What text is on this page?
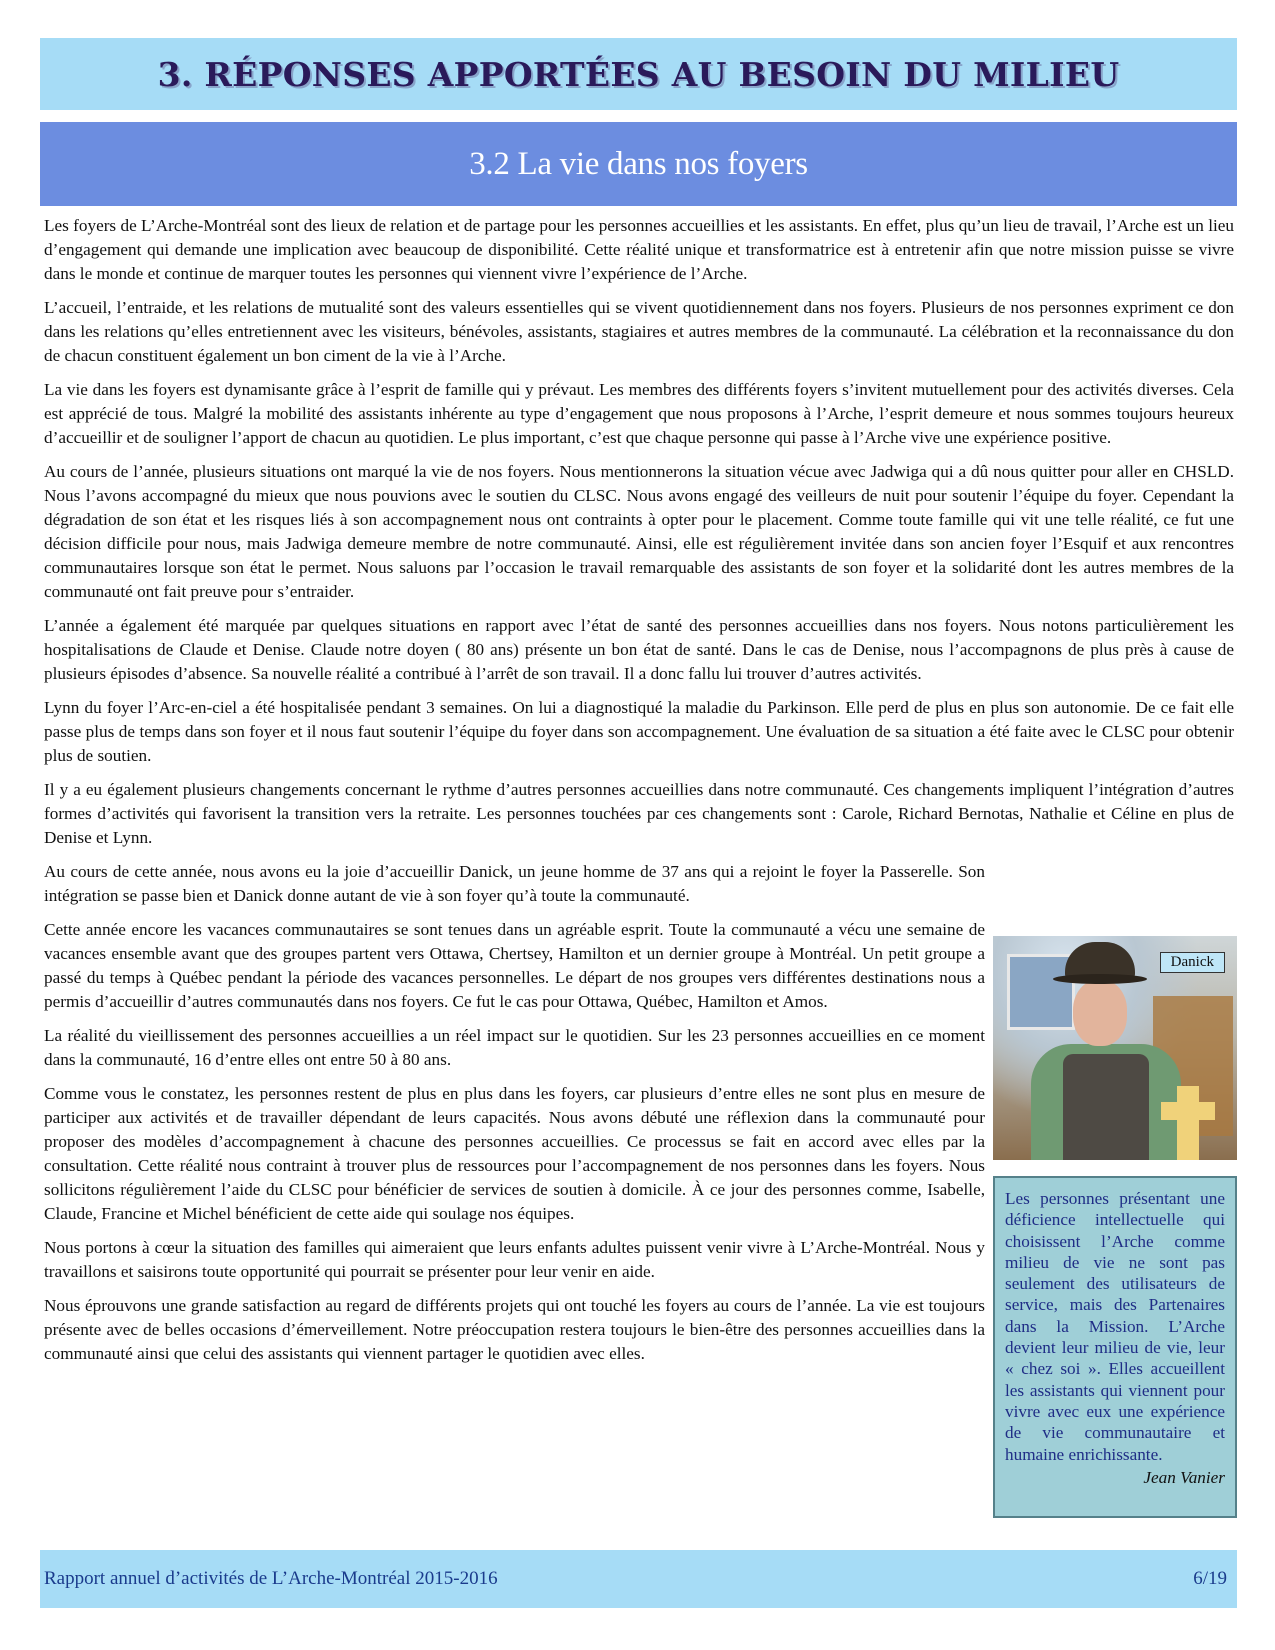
3. RÉPONSES APPORTÉES AU BESOIN DU MILIEU
3.2 La vie dans nos foyers

Les foyers de L’Arche-Montréal sont des lieux de relation et de partage pour les personnes accueillies et les assistants. En effet, plus qu’un lieu de travail, l’Arche est un lieu d’engagement qui demande une implication avec beaucoup de disponibilité. Cette réalité unique et transformatrice est à entretenir afin que notre mission puisse se vivre dans le monde et continue de marquer toutes les personnes qui viennent vivre l’expérience de l’Arche.

L’accueil, l’entraide, et les relations de mutualité sont des valeurs essentielles qui se vivent quotidiennement dans nos foyers. Plusieurs de nos personnes expriment ce don dans les relations qu’elles entretiennent avec les visiteurs, bénévoles, assistants, stagiaires et autres membres de la communauté. La célébration et la reconnaissance du don de chacun constituent également un bon ciment de la vie à l’Arche.

La vie dans les foyers est dynamisante grâce à l’esprit de famille qui y prévaut. Les membres des différents foyers s’invitent mutuellement pour des activités diverses. Cela est apprécié de tous. Malgré la mobilité des assistants inhérente au type d’engagement que nous proposons à l’Arche, l’esprit demeure et nous sommes toujours heureux d’accueillir et de souligner l’apport de chacun au quotidien. Le plus important, c’est que chaque personne qui passe à l’Arche vive une expérience positive.

Au cours de l’année, plusieurs situations ont marqué la vie de nos foyers. Nous mentionnerons la situation vécue avec Jadwiga qui a dû nous quitter pour aller en CHSLD. Nous l’avons accompagné du mieux que nous pouvions avec le soutien du CLSC. Nous avons engagé des veilleurs de nuit pour soutenir l’équipe du foyer. Cependant la dégradation de son état et les risques liés à son accompagnement nous ont contraints à opter pour le placement. Comme toute famille qui vit une telle réalité, ce fut une décision difficile pour nous, mais Jadwiga demeure membre de notre communauté. Ainsi, elle est régulièrement invitée dans son ancien foyer l’Esquif et aux rencontres communautaires lorsque son état le permet. Nous saluons par l’occasion le travail remarquable des assistants de son foyer et la solidarité dont les autres membres de la communauté ont fait preuve pour s’entraider.

L’année a également été marquée par quelques situations en rapport avec l’état de santé des personnes accueillies dans nos foyers. Nous notons particulièrement les hospitalisations de Claude et Denise. Claude notre doyen ( 80 ans) présente un bon état de santé. Dans le cas de Denise, nous l’accompagnons de plus près à cause de plusieurs épisodes d’absence. Sa nouvelle réalité a contribué à l’arrêt de son travail. Il a donc fallu lui trouver d’autres activités.

Lynn du foyer l’Arc-en-ciel a été hospitalisée pendant 3 semaines. On lui a diagnostiqué la maladie du Parkinson. Elle perd de plus en plus son autonomie. De ce fait elle passe plus de temps dans son foyer et il nous faut soutenir l’équipe du foyer dans son accompagnement. Une évaluation de sa situation a été faite avec le CLSC pour obtenir plus de soutien.

Il y a eu également plusieurs changements concernant le rythme d’autres personnes accueillies dans notre communauté. Ces changements impliquent l’intégration d’autres formes d’activités qui favorisent la transition vers la retraite. Les personnes touchées par ces changements sont : Carole, Richard Bernotas, Nathalie et Céline en plus de Denise et Lynn.

Au cours de cette année, nous avons eu la joie d’accueillir Danick, un jeune homme de 37 ans qui a rejoint le foyer la Passerelle. Son intégration se passe bien et Danick donne autant de vie à son foyer qu’à toute la communauté.

Cette année encore les vacances communautaires se sont tenues dans un agréable esprit. Toute la communauté a vécu une semaine de vacances ensemble avant que des groupes partent vers Ottawa, Chertsey, Hamilton et un dernier groupe à Montréal. Un petit groupe a passé du temps à Québec pendant la période des vacances personnelles. Le départ de nos groupes vers différentes destinations nous a permis d’accueillir d’autres communautés dans nos foyers. Ce fut le cas pour Ottawa, Québec, Hamilton et Amos.

La réalité du vieillissement des personnes accueillies a un réel impact sur le quotidien. Sur les 23 personnes accueillies en ce moment dans la communauté, 16 d’entre elles ont entre 50 à 80 ans.

Comme vous le constatez, les personnes restent de plus en plus dans les foyers, car plusieurs d’entre elles ne sont plus en mesure de participer aux activités et de travailler dépendant de leurs capacités. Nous avons débuté une réflexion dans la communauté pour proposer des modèles d’accompagnement à chacune des personnes accueillies. Ce processus se fait en accord avec elles par la consultation. Cette réalité nous contraint à trouver plus de ressources pour l’accompagnement de nos personnes dans les foyers. Nous sollicitons régulièrement l’aide du CLSC pour bénéficier de services de soutien à domicile. À ce jour des personnes comme, Isabelle, Claude, Francine et Michel bénéficient de cette aide qui soulage nos équipes.

Nous portons à cœur la situation des familles qui aimeraient que leurs enfants adultes puissent venir vivre à L’Arche-Montréal. Nous y travaillons et saisirons toute opportunité qui pourrait se présenter pour leur venir en aide.

Nous éprouvons une grande satisfaction au regard de différents projets qui ont touché les foyers au cours de l’année. La vie est toujours présente avec de belles occasions d’émerveillement. Notre préoccupation restera toujours le bien-être des personnes accueillies dans la communauté ainsi que celui des assistants qui viennent partager le quotidien avec elles.

Danick
Les personnes présentant une déficience intellectuelle qui choisissent l’Arche comme milieu de vie ne sont pas seulement des utilisateurs de service, mais des Partenaires dans la Mission. L’Arche devient leur milieu de vie, leur « chez soi ». Elles accueillent les assistants qui viennent pour vivre avec eux une expérience de vie communautaire et humaine enrichissante.
Jean Vanier
Rapport annuel d’activités de L’Arche-Montréal 2015-2016	6/19
